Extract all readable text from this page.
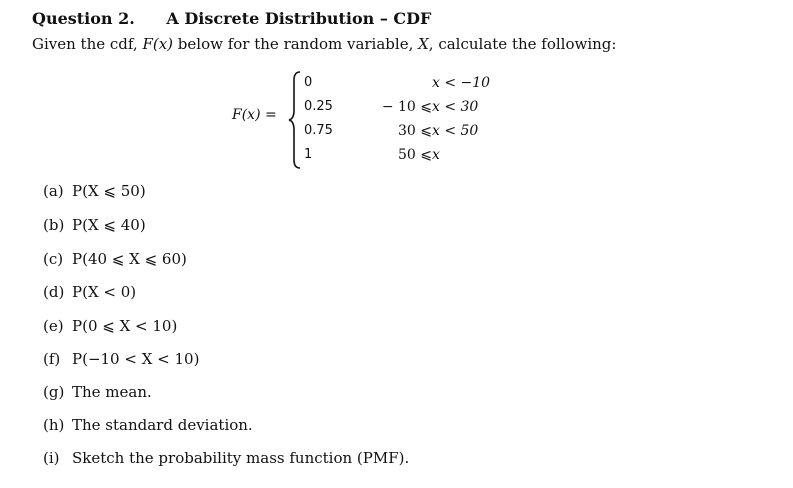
Question 2. A Discrete Distribution – CDF
Given the cdf, F(x) below for the random variable, X, calculate the following:
F(x) =
0	x < −10
0.25	− 10 ⩽ x < 30
0.75	30 ⩽ x < 50
1	50 ⩽ x
(a) P(X ⩽ 50)
(b) P(X ⩽ 40)
(c) P(40 ⩽ X ⩽ 60)
(d) P(X < 0)
(e) P(0 ⩽ X < 10)
(f) P(−10 < X < 10)
(g) The mean.
(h) The standard deviation.
(i) Sketch the probability mass function (PMF).
